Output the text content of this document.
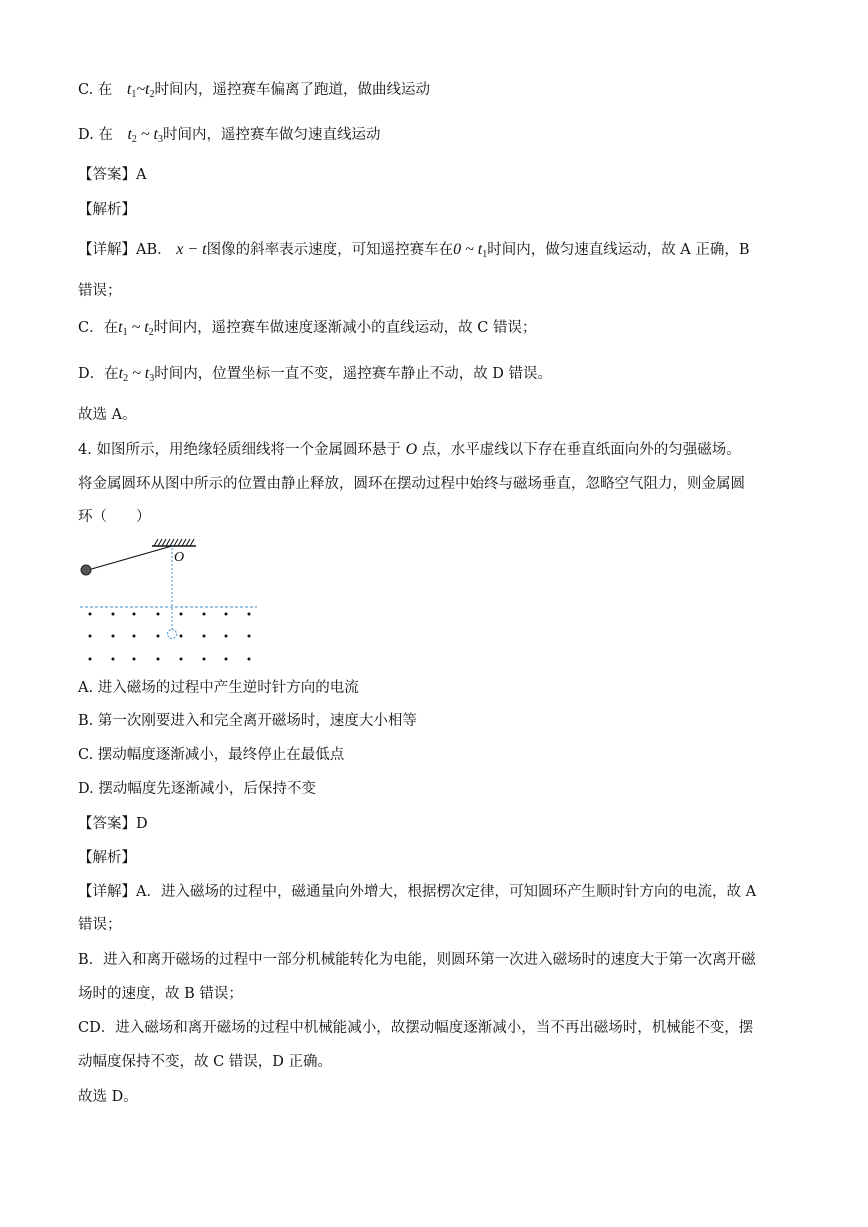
C. 在 $t_1\sim t_2$时间内，遥控赛车偏离了跑道，做曲线运动
D. 在 $t_2$ ~ $t_3$时间内，遥控赛车做匀速直线运动
【答案】A
【解析】
【详解】AB． x − t图像的斜率表示速度，可知遥控赛车在0 ~ $t_1$时间内，做匀速直线运动，故 A 正确，B
错误；
C．在$t_1$ ~ $t_2$时间内，遥控赛车做速度逐渐减小的直线运动，故 C 错误；
D．在$t_2$ ~ $t_3$时间内，位置坐标一直不变，遥控赛车静止不动，故 D 错误。
故选 A。
4. 如图所示，用绝缘轻质细线将一个金属圆环悬于 O 点，水平虚线以下存在垂直纸面向外的匀强磁场。
将金属圆环从图中所示的位置由静止释放，圆环在摆动过程中始终与磁场垂直，忽略空气阻力，则金属圆
环（　　）
O
A. 进入磁场的过程中产生逆时针方向的电流
B. 第一次刚要进入和完全离开磁场时，速度大小相等
C. 摆动幅度逐渐减小，最终停止在最低点
D. 摆动幅度先逐渐减小，后保持不变
【答案】D
【解析】
【详解】A．进入磁场的过程中，磁通量向外增大，根据楞次定律，可知圆环产生顺时针方向的电流，故 A
错误；
B．进入和离开磁场的过程中一部分机械能转化为电能，则圆环第一次进入磁场时的速度大于第一次离开磁
场时的速度，故 B 错误；
CD．进入磁场和离开磁场的过程中机械能减小，故摆动幅度逐渐减小，当不再出磁场时，机械能不变，摆
动幅度保持不变，故 C 错误，D 正确。
故选 D。
